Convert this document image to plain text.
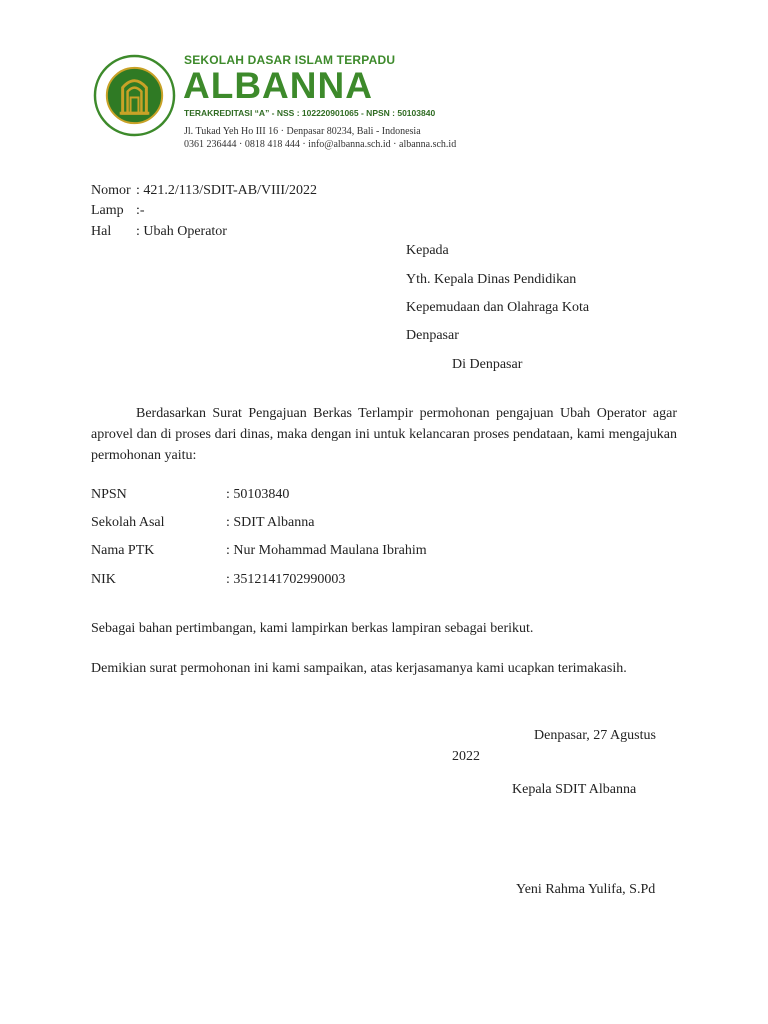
SEKOLAH DASAR ISLAM TERPADU
ALBANNA
TERAKREDITASI “A” - NSS : 102220901065 - NPSN : 50103840
Jl. Tukad Yeh Ho III 16 · Denpasar 80234, Bali - Indonesia
0361 236444 · 0818 418 444 · info@albanna.sch.id · albanna.sch.id
Nomor : 421.2/113/SDIT-AB/VIII/2022
Lamp :-
Hal : Ubah Operator
Kepada
Yth. Kepala Dinas Pendidikan
Kepemudaan dan Olahraga Kota
Denpasar
Di Denpasar
Berdasarkan Surat Pengajuan Berkas Terlampir permohonan pengajuan Ubah Operator agar aprovel dan di proses dari dinas, maka dengan ini untuk kelancaran proses pendataan, kami mengajukan permohonan yaitu:
NPSN	: 50103840
Sekolah Asal	: SDIT Albanna
Nama PTK	: Nur Mohammad Maulana Ibrahim
NIK	: 3512141702990003
Sebagai bahan pertimbangan, kami lampirkan berkas lampiran sebagai berikut.
Demikian surat permohonan ini kami sampaikan, atas kerjasamanya kami ucapkan terimakasih.
Denpasar, 27 Agustus
2022
Kepala SDIT Albanna
Yeni Rahma Yulifa, S.Pd
